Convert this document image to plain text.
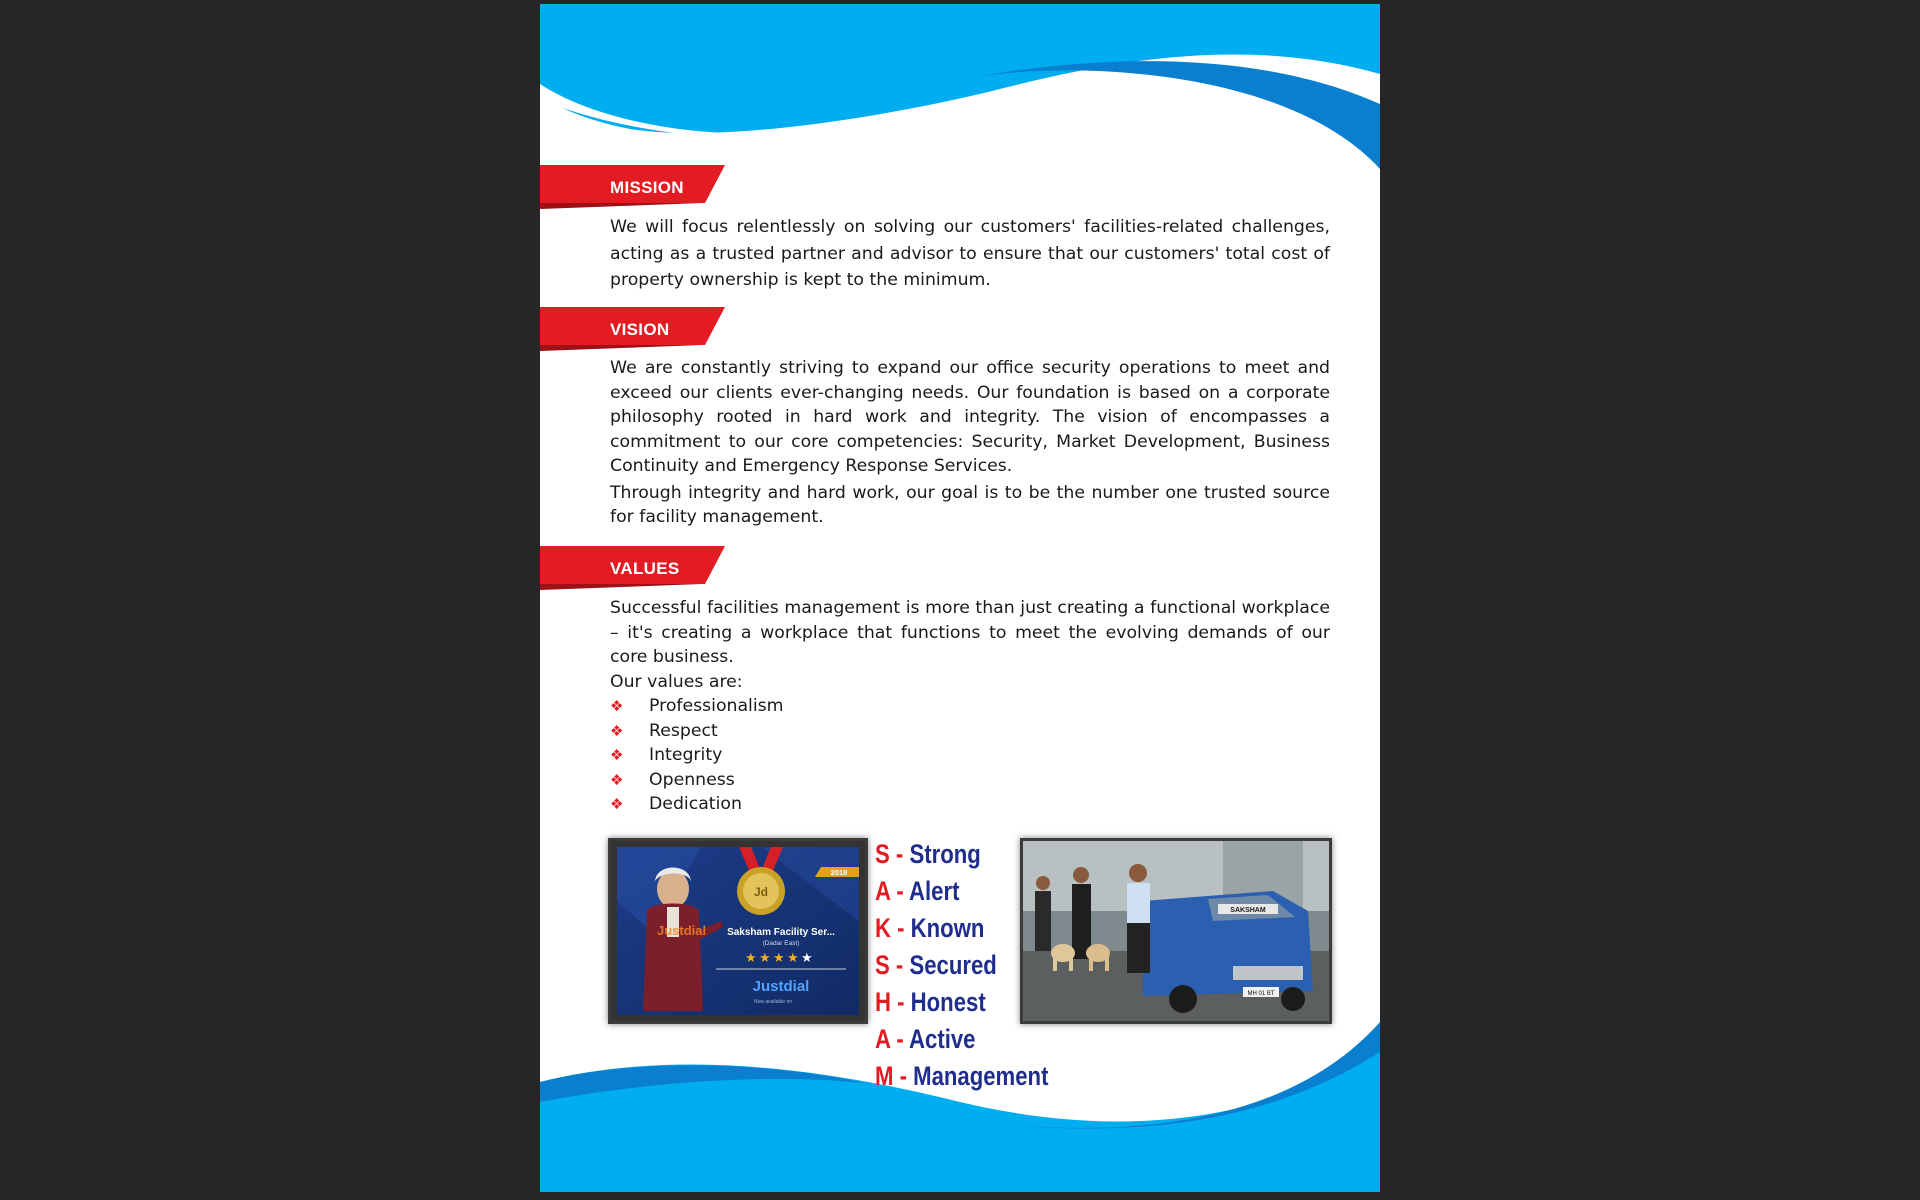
MISSION

We will focus relentlessly on solving our customers' facilities-related challenges, acting as a trusted partner and advisor to ensure that our customers' total cost of property ownership is kept to the minimum.

VISION

We are constantly striving to expand our office security operations to meet and exceed our clients ever-changing needs. Our foundation is based on a corporate philosophy rooted in hard work and integrity. The vision of encompasses a commitment to our core competencies: Security, Market Development, Business Continuity and Emergency Response Services.

Through integrity and hard work, our goal is to be the number one trusted source for facility management.

VALUES

Successful facilities management is more than just creating a functional workplace – it's creating a workplace that functions to meet the evolving demands of our core business.

Our values are:

❖ Professionalism
❖ Respect
❖ Integrity
❖ Openness
❖ Dedication
Jd
2019
Saksham Facility Ser...
(Dadar East)
★ ★ ★ ★ ★
Justdial
Justdial
Now available on
S - Strong
A - Alert
K - Known
S - Secured
H - Honest
A - Active
M - Management
SAKSHAM
MH 01 BT
